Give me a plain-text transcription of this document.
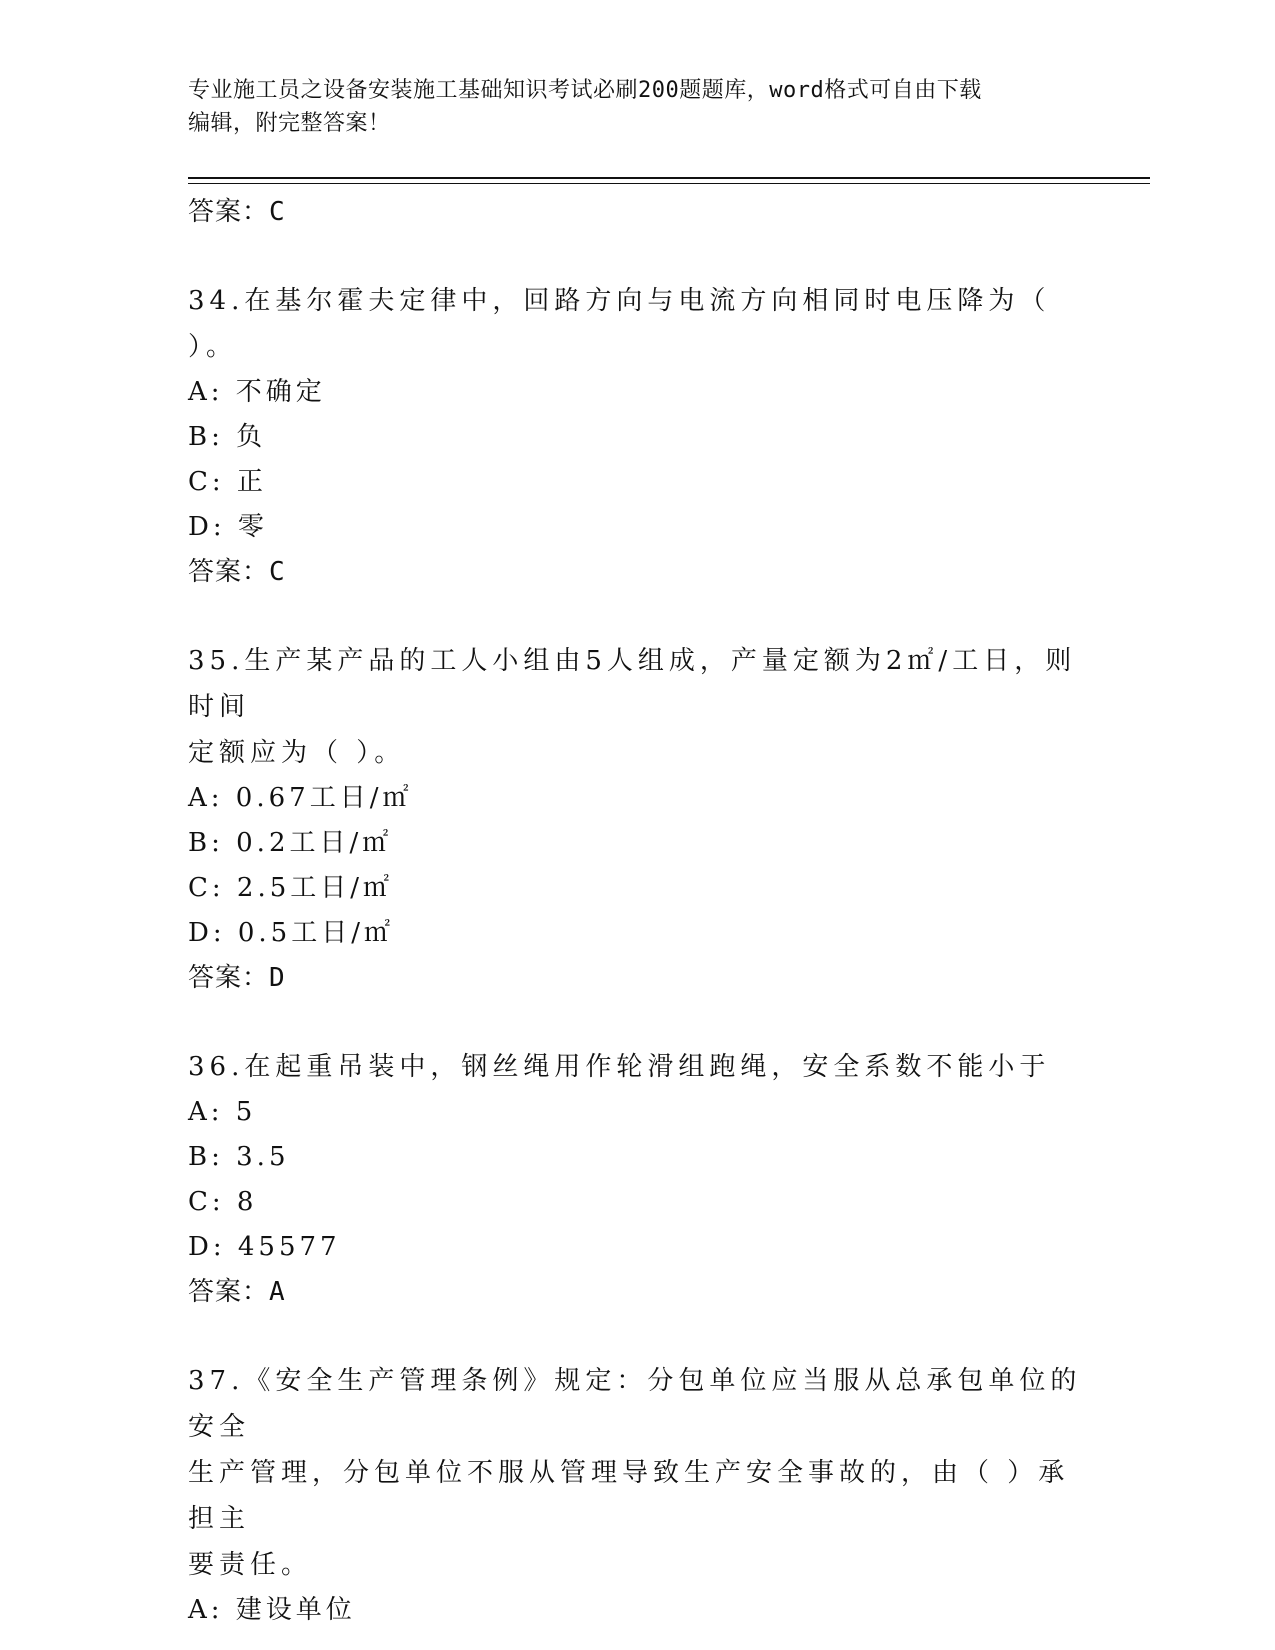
专业施工员之设备安装施工基础知识考试必刷200题题库，word格式可自由下载
编辑，附完整答案！
答案：C
34.在基尔霍夫定律中，回路方向与电流方向相同时电压降为（ ）。
A: 不确定
B: 负
C: 正
D: 零
答案：C
35.生产某产品的工人小组由5人组成，产量定额为2㎡/工日，则时间
定额应为（ ）。
A: 0.67工日/㎡
B: 0.2工日/㎡
C: 2.5工日/㎡
D: 0.5工日/㎡
答案：D
36.在起重吊装中，钢丝绳用作轮滑组跑绳，安全系数不能小于
A: 5
B: 3.5
C: 8
D: 45577
答案：A
37.《安全生产管理条例》规定：分包单位应当服从总承包单位的安全
生产管理，分包单位不服从管理导致生产安全事故的，由（ ）承担主
要责任。
A: 建设单位
